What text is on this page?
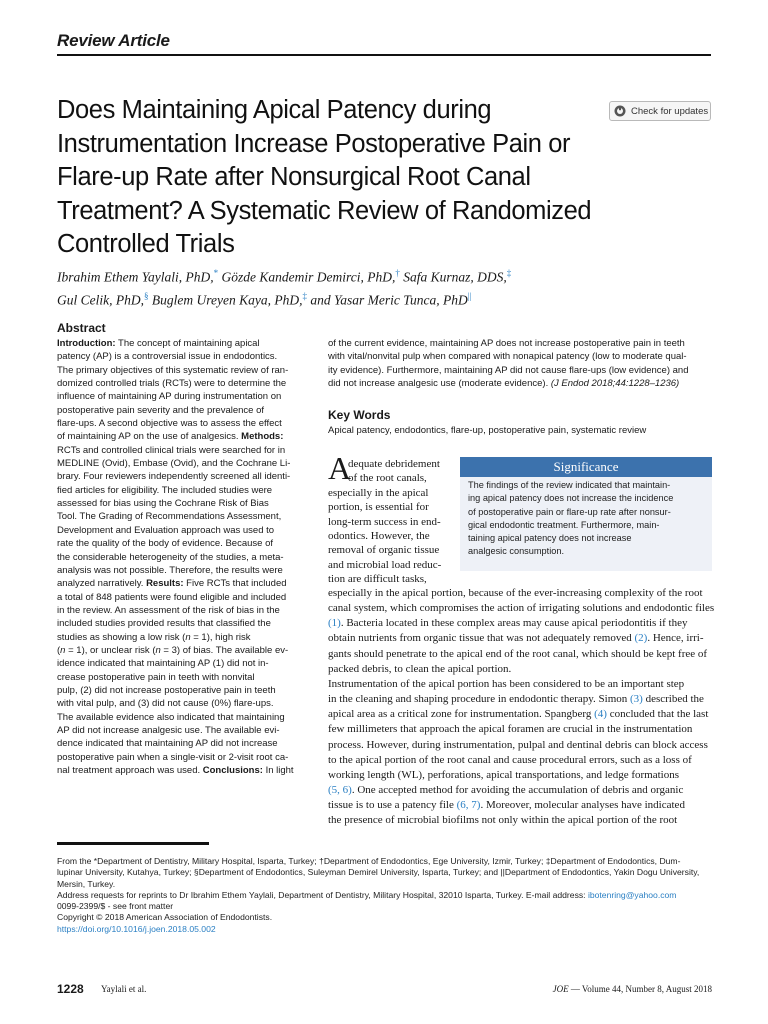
Review Article
Does Maintaining Apical Patency during
Instrumentation Increase Postoperative Pain or
Flare-up Rate after Nonsurgical Root Canal
Treatment? A Systematic Review of Randomized
Controlled Trials
Check for updates
Ibrahim Ethem Yaylali, PhD,* Gözde Kandemir Demirci, PhD,† Safa Kurnaz, DDS,‡
Gul Celik, PhD,§ Buglem Ureyen Kaya, PhD,‡ and Yasar Meric Tunca, PhD||
Abstract
Introduction: The concept of maintaining apical
patency (AP) is a controversial issue in endodontics.
The primary objectives of this systematic review of ran-
domized controlled trials (RCTs) were to determine the
influence of maintaining AP during instrumentation on
postoperative pain severity and the prevalence of
flare-ups. A second objective was to assess the effect
of maintaining AP on the use of analgesics. Methods:
RCTs and controlled clinical trials were searched for in
MEDLINE (Ovid), Embase (Ovid), and the Cochrane Li-
brary. Four reviewers independently screened all identi-
fied articles for eligibility. The included studies were
assessed for bias using the Cochrane Risk of Bias
Tool. The Grading of Recommendations Assessment,
Development and Evaluation approach was used to
rate the quality of the body of evidence. Because of
the considerable heterogeneity of the studies, a meta-
analysis was not possible. Therefore, the results were
analyzed narratively. Results: Five RCTs that included
a total of 848 patients were found eligible and included
in the review. An assessment of the risk of bias in the
included studies provided results that classified the
studies as showing a low risk (n = 1), high risk
(n = 1), or unclear risk (n = 3) of bias. The available ev-
idence indicated that maintaining AP (1) did not in-
crease postoperative pain in teeth with nonvital
pulp, (2) did not increase postoperative pain in teeth
with vital pulp, and (3) did not cause (0%) flare-ups.
The available evidence also indicated that maintaining
AP did not increase analgesic use. The available evi-
dence indicated that maintaining AP did not increase
postoperative pain when a single-visit or 2-visit root ca-
nal treatment approach was used. Conclusions: In light
of the current evidence, maintaining AP does not increase postoperative pain in teeth
with vital/nonvital pulp when compared with nonapical patency (low to moderate qual-
ity evidence). Furthermore, maintaining AP did not cause flare-ups (low evidence) and
did not increase analgesic use (moderate evidence). (J Endod 2018;44:1228–1236)
Key Words
Apical patency, endodontics, flare-up, postoperative pain, systematic review
A
dequate debridement
of the root canals,
especially in the apical
portion, is essential for
long-term success in end-
odontics. However, the
removal of organic tissue
and microbial load reduc-
tion are difficult tasks,
Significance
The findings of the review indicated that maintain-
ing apical patency does not increase the incidence
of postoperative pain or flare-up rate after nonsur-
gical endodontic treatment. Furthermore, main-
taining apical patency does not increase
analgesic consumption.
especially in the apical portion, because of the ever-increasing complexity of the root
canal system, which compromises the action of irrigating solutions and endodontic files
(1). Bacteria located in these complex areas may cause apical periodontitis if they
obtain nutrients from organic tissue that was not adequately removed (2). Hence, irri-
gants should penetrate to the apical end of the root canal, which should be kept free of
packed debris, to clean the apical portion.
Instrumentation of the apical portion has been considered to be an important step
in the cleaning and shaping procedure in endodontic therapy. Simon (3) described the
apical area as a critical zone for instrumentation. Spangberg (4) concluded that the last
few millimeters that approach the apical foramen are crucial in the instrumentation
process. However, during instrumentation, pulpal and dentinal debris can block access
to the apical portion of the root canal and cause procedural errors, such as a loss of
working length (WL), perforations, apical transportations, and ledge formations
(5, 6). One accepted method for avoiding the accumulation of debris and organic
tissue is to use a patency file (6, 7). Moreover, molecular analyses have indicated
the presence of microbial biofilms not only within the apical portion of the root
From the *Department of Dentistry, Military Hospital, Isparta, Turkey; †Department of Endodontics, Ege University, Izmir, Turkey; ‡Department of Endodontics, Dum-
lupinar University, Kutahya, Turkey; §Department of Endodontics, Suleyman Demirel University, Isparta, Turkey; and ||Department of Endodontics, Yakin Dogu University,
Mersin, Turkey.
Address requests for reprints to Dr Ibrahim Ethem Yaylali, Department of Dentistry, Military Hospital, 32010 Isparta, Turkey. E-mail address: ibotenring@yahoo.com
0099-2399/$ - see front matter
Copyright © 2018 American Association of Endodontists.
https://doi.org/10.1016/j.joen.2018.05.002
1228 Yaylali et al.	JOE — Volume 44, Number 8, August 2018
